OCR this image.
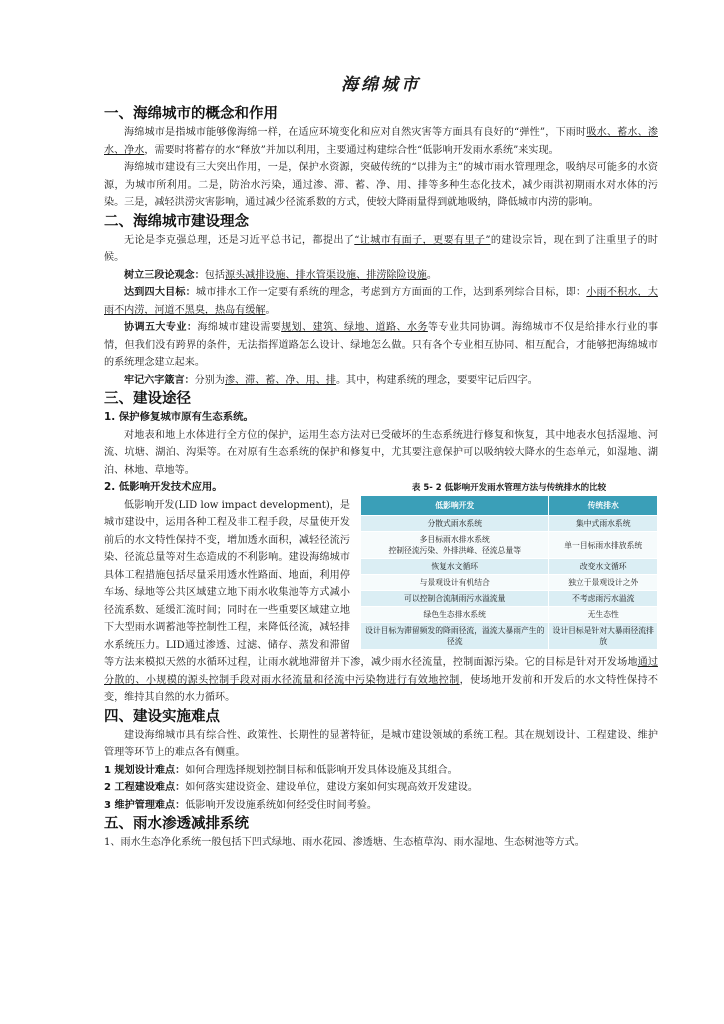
海绵城市
一、海绵城市的概念和作用

海绵城市是指城市能够像海绵一样，在适应环境变化和应对自然灾害等方面具有良好的“弹性”，下雨时吸水、蓄水、渗水、净水，需要时将蓄存的水“释放”并加以利用，主要通过构建综合性“低影响开发雨水系统”来实现。

海绵城市建设有三大突出作用，一是，保护水资源，突破传统的“以排为主”的城市雨水管理理念，吸纳尽可能多的水资源，为城市所利用。二是，防治水污染，通过渗、滞、蓄、净、用、排等多种生态化技术，减少雨洪初期雨水对水体的污染。三是，减轻洪涝灾害影响，通过减少径流系数的方式，使较大降雨量得到就地吸纳，降低城市内涝的影响。

二、海绵城市建设理念

无论是李克强总理，还是习近平总书记，都提出了“让城市有面子，更要有里子”的建设宗旨，现在到了注重里子的时候。

树立三段论观念：包括源头减排设施、排水管渠设施、排涝除险设施。

达到四大目标：城市排水工作一定要有系统的理念，考虑到方方面面的工作，达到系列综合目标，即：小雨不积水，大雨不内涝，河道不黑臭，热岛有缓解。

协调五大专业：海绵城市建设需要规划、建筑、绿地、道路、水务等专业共同协调。海绵城市不仅是给排水行业的事情，但我们没有跨界的条件，无法指挥道路怎么设计、绿地怎么做。只有各个专业相互协同、相互配合，才能够把海绵城市的系统理念建立起来。

牢记六字箴言：分别为渗、滞、蓄、净、用、排。其中，构建系统的理念，要要牢记后四字。

三、建设途径
1. 保护修复城市原有生态系统。

对地表和地上水体进行全方位的保护，运用生态方法对已受破坏的生态系统进行修复和恢复，其中地表水包括湿地、河流、坑塘、湖泊、沟渠等。在对原有生态系统的保护和修复中，尤其要注意保护可以吸纳较大降水的生态单元，如湿地、湖泊、林地、草地等。

表 5- 2 低影响开发雨水管理方法与传统排水的比较
低影响开发	传统排水
分散式雨水系统	集中式雨水系统
多目标雨水排水系统
控制径流污染、外排洪峰、径流总量等	单一目标雨水排放系统
恢复水文循环	改变水文循环
与景观设计有机结合	独立于景观设计之外
可以控制合流制雨污水溢流量	不考虑雨污水溢流
绿色生态排水系统	无生态性
设计目标为滞留频发的降雨径流，溢流大暴雨产生的径流	设计目标是针对大暴雨径流排放
2. 低影响开发技术应用。

低影响开发(LID low impact development)，是城市建设中，运用各种工程及非工程手段，尽量使开发前后的水文特性保持不变，增加透水面积，减轻径流污染、径流总量等对生态造成的不利影响。建设海绵城市具体工程措施包括尽量采用透水性路面、地面，利用停车场、绿地等公共区域建立地下雨水收集池等方式减小径流系数、延缓汇流时间；同时在一些重要区域建立地下大型雨水调蓄池等控制性工程，来降低径流，减轻排水系统压力。LID通过渗透、过滤、储存、蒸发和滞留等方法来模拟天然的水循环过程，让雨水就地滞留并下渗，减少雨水径流量，控制面源污染。它的目标是针对开发场地通过分散的、小规模的源头控制手段对雨水径流量和径流中污染物进行有效地控制，使场地开发前和开发后的水文特性保持不变，维持其自然的水力循环。

四、建设实施难点

建设海绵城市具有综合性、政策性、长期性的显著特征，是城市建设领域的系统工程。其在规划设计、工程建设、维护管理等环节上的难点各有侧重。

1 规划设计难点：如何合理选择规划控制目标和低影响开发具体设施及其组合。

2 工程建设难点：如何落实建设资金、建设单位，建设方案如何实现高效开发建设。

3 维护管理难点：低影响开发设施系统如何经受住时间考验。

五、雨水渗透减排系统

1、雨水生态净化系统一般包括下凹式绿地、雨水花园、渗透塘、生态植草沟、雨水湿地、生态树池等方式。
